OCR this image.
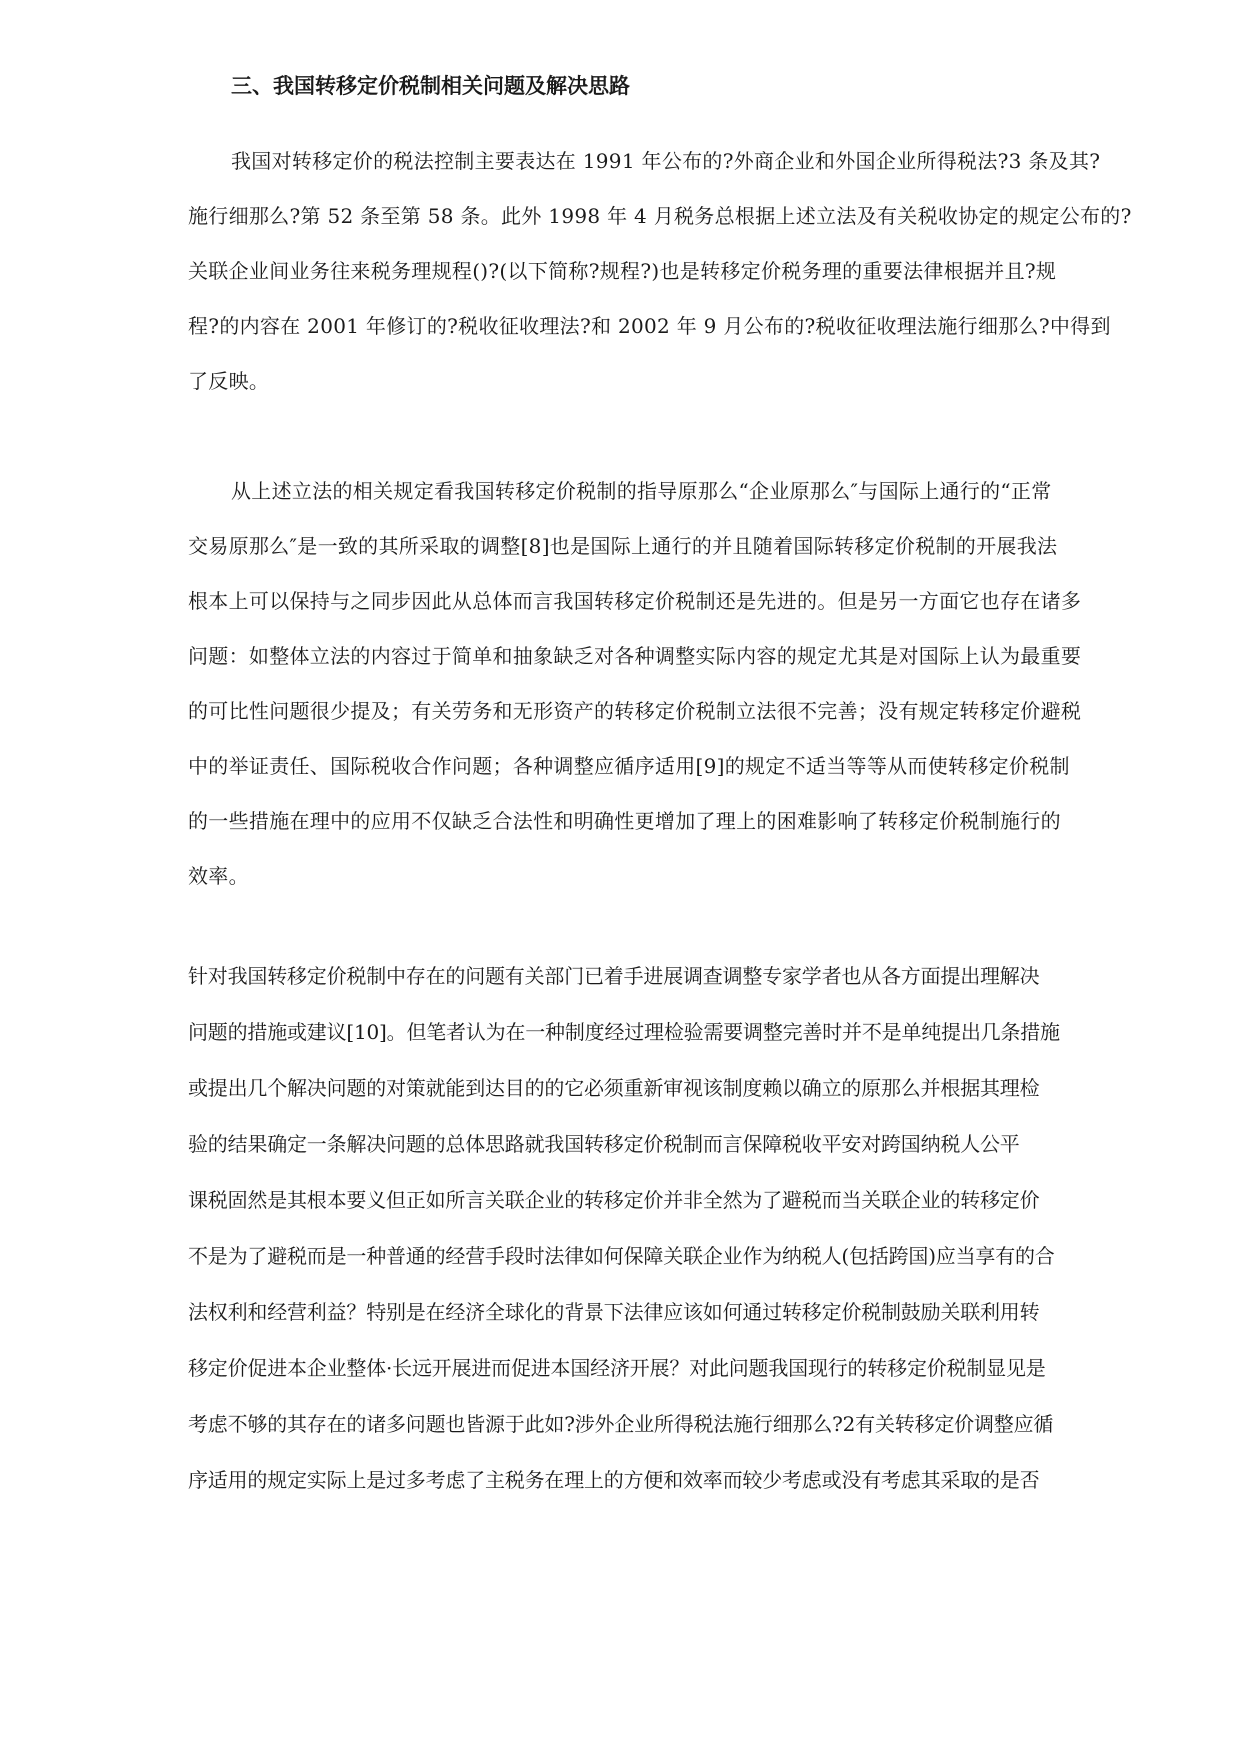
三、我国转移定价税制相关问题及解决思路
我国对转移定价的税法控制主要表达在 1991 年公布的?外商企业和外国企业所得税法?3 条及其?
施行细那么?第 52 条至第 58 条。此外 1998 年 4 月税务总根据上述立法及有关税收协定的规定公布的?
关联企业间业务往来税务理规程()?(以下简称?规程?)也是转移定价税务理的重要法律根据并且?规
程?的内容在 2001 年修订的?税收征收理法?和 2002 年 9 月公布的?税收征收理法施行细那么?中得到
了反映。
从上述立法的相关规定看我国转移定价税制的指导原那么“企业原那么″与国际上通行的“正常
交易原那么″是一致的其所采取的调整[8]也是国际上通行的并且随着国际转移定价税制的开展我法
根本上可以保持与之同步因此从总体而言我国转移定价税制还是先进的。但是另一方面它也存在诸多
问题：如整体立法的内容过于简单和抽象缺乏对各种调整实际内容的规定尤其是对国际上认为最重要
的可比性问题很少提及；有关劳务和无形资产的转移定价税制立法很不完善；没有规定转移定价避税
中的举证责任、国际税收合作问题；各种调整应循序适用[9]的规定不适当等等从而使转移定价税制
的一些措施在理中的应用不仅缺乏合法性和明确性更增加了理上的困难影响了转移定价税制施行的
效率。
针对我国转移定价税制中存在的问题有关部门已着手进展调查调整专家学者也从各方面提出理解决
问题的措施或建议[10]。但笔者认为在一种制度经过理检验需要调整完善时并不是单纯提出几条措施
或提出几个解决问题的对策就能到达目的的它必须重新审视该制度赖以确立的原那么并根据其理检
验的结果确定一条解决问题的总体思路就我国转移定价税制而言保障税收平安对跨国纳税人公平
课税固然是其根本要义但正如所言关联企业的转移定价并非全然为了避税而当关联企业的转移定价
不是为了避税而是一种普通的经营手段时法律如何保障关联企业作为纳税人(包括跨国)应当享有的合
法权利和经营利益？特别是在经济全球化的背景下法律应该如何通过转移定价税制鼓励关联利用转
移定价促进本企业整体·长远开展进而促进本国经济开展？对此问题我国现行的转移定价税制显见是
考虑不够的其存在的诸多问题也皆源于此如?涉外企业所得税法施行细那么?2有关转移定价调整应循
序适用的规定实际上是过多考虑了主税务在理上的方便和效率而较少考虑或没有考虑其采取的是否
